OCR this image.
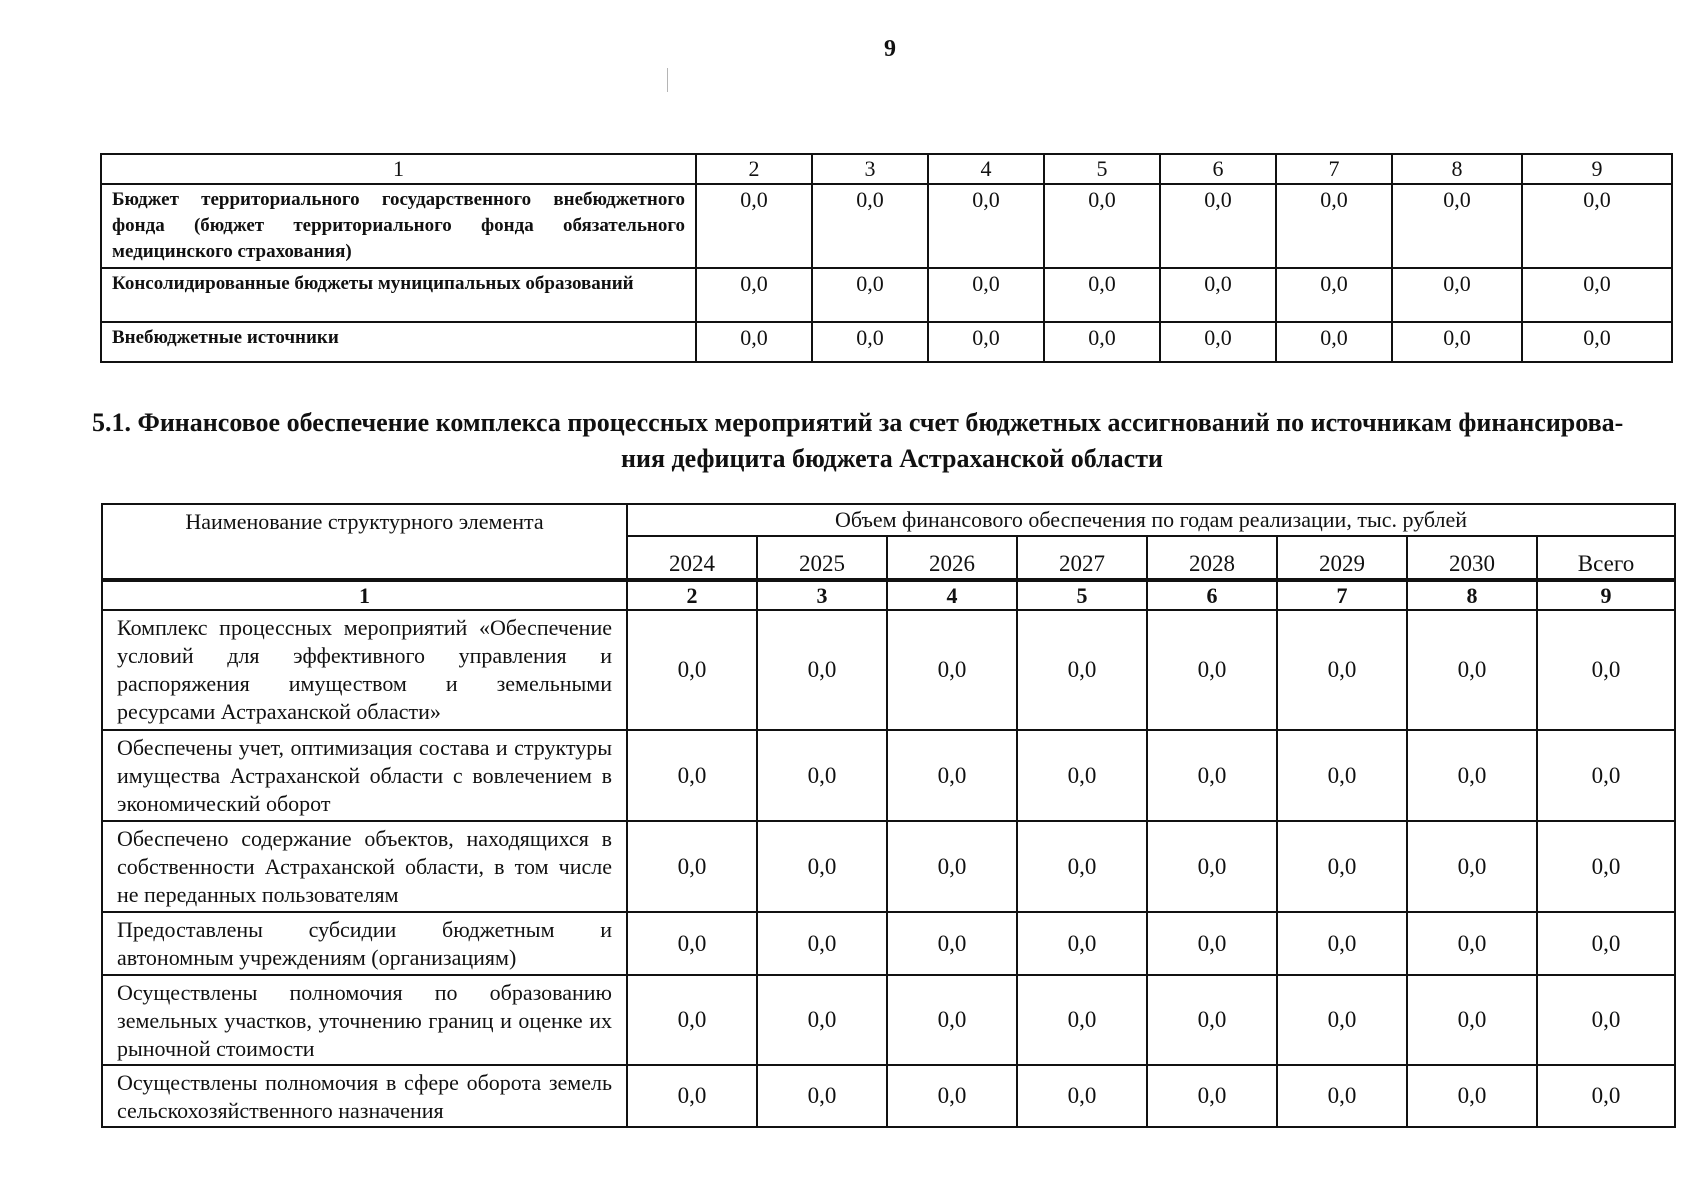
9
1	2	3	4	5	6	7	8	9
Бюджет территориального государственного внебюджетного фонда (бюджет территориального фонда обязательного медицинского страхования)	0,0	0,0	0,0	0,0	0,0	0,0	0,0	0,0
Консолидированные бюджеты муниципальных образований	0,0	0,0	0,0	0,0	0,0	0,0	0,0	0,0
Внебюджетные источники	0,0	0,0	0,0	0,0	0,0	0,0	0,0	0,0
5.1. Финансовое обеспечение комплекса процессных мероприятий за счет бюджетных ассигнований по источникам финансирова-
ния дефицита бюджета Астраханской области
Наименование структурного элемента	Объем финансового обеспечения по годам реализации, тыс. рублей							
	2024	2025	2026	2027	2028	2029	2030	Всего
1	2	3	4	5	6	7	8	9
Комплекс процессных мероприятий «Обеспечение условий для эффективного управления и распоряжения имуществом и земельными ресурсами Астраханской области»	0,0	0,0	0,0	0,0	0,0	0,0	0,0	0,0
Обеспечены учет, оптимизация состава и структуры имущества Астраханской области с вовлечением в экономический оборот	0,0	0,0	0,0	0,0	0,0	0,0	0,0	0,0
Обеспечено содержание объектов, находящихся в собственности Астраханской области, в том числе не переданных пользователям	0,0	0,0	0,0	0,0	0,0	0,0	0,0	0,0
Предоставлены субсидии бюджетным и автономным учреждениям (организациям)	0,0	0,0	0,0	0,0	0,0	0,0	0,0	0,0
Осуществлены полномочия по образованию земельных участков, уточнению границ и оценке их рыночной стоимости	0,0	0,0	0,0	0,0	0,0	0,0	0,0	0,0
Осуществлены полномочия в сфере оборота земель сельскохозяйственного назначения	0,0	0,0	0,0	0,0	0,0	0,0	0,0	0,0
